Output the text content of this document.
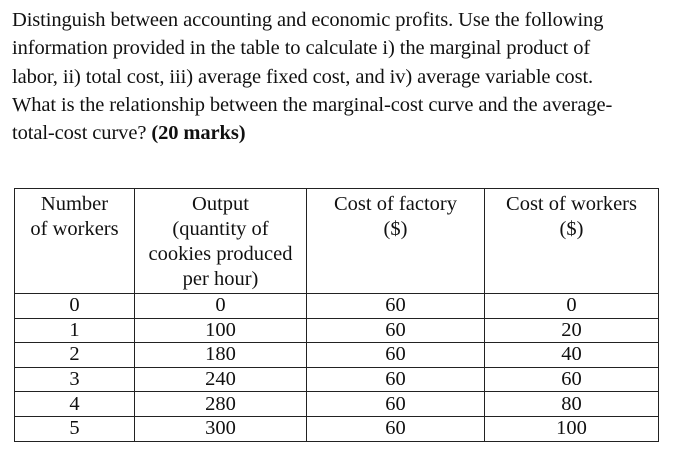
Distinguish between accounting and economic profits. Use the following
information provided in the table to calculate i) the marginal product of
labor, ii) total cost, iii) average fixed cost, and iv) average variable cost.
What is the relationship between the marginal-cost curve and the average-
total-cost curve? (20 marks)
Number
of workers	Output
(quantity of
cookies produced
per hour)	Cost of factory
($)	Cost of workers
($)

0	0	60	0
1	100	60	20
2	180	60	40
3	240	60	60
4	280	60	80
5	300	60	100
